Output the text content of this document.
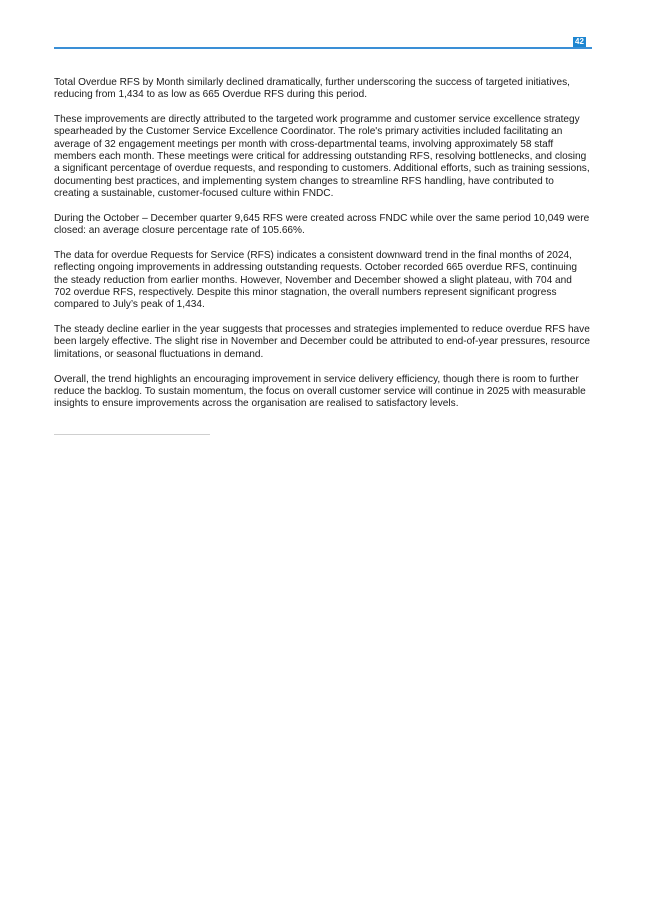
42

Total Overdue RFS by Month similarly declined dramatically, further underscoring the success of targeted initiatives, reducing from 1,434 to as low as 665 Overdue RFS during this period.

These improvements are directly attributed to the targeted work programme and customer service excellence strategy spearheaded by the Customer Service Excellence Coordinator. The role's primary activities included facilitating an average of 32 engagement meetings per month with cross-departmental teams, involving approximately 58 staff members each month. These meetings were critical for addressing outstanding RFS, resolving bottlenecks, and closing a significant percentage of overdue requests, and responding to customers. Additional efforts, such as training sessions, documenting best practices, and implementing system changes to streamline RFS handling, have contributed to creating a sustainable, customer-focused culture within FNDC.

During the October – December quarter 9,645 RFS were created across FNDC while over the same period 10,049 were closed: an average closure percentage rate of 105.66%.

The data for overdue Requests for Service (RFS) indicates a consistent downward trend in the final months of 2024, reflecting ongoing improvements in addressing outstanding requests. October recorded 665 overdue RFS, continuing the steady reduction from earlier months. However, November and December showed a slight plateau, with 704 and 702 overdue RFS, respectively. Despite this minor stagnation, the overall numbers represent significant progress compared to July’s peak of 1,434.

The steady decline earlier in the year suggests that processes and strategies implemented to reduce overdue RFS have been largely effective. The slight rise in November and December could be attributed to end-of-year pressures, resource limitations, or seasonal fluctuations in demand.

Overall, the trend highlights an encouraging improvement in service delivery efficiency, though there is room to further reduce the backlog. To sustain momentum, the focus on overall customer service will continue in 2025 with measurable insights to ensure improvements across the organisation are realised to satisfactory levels.
